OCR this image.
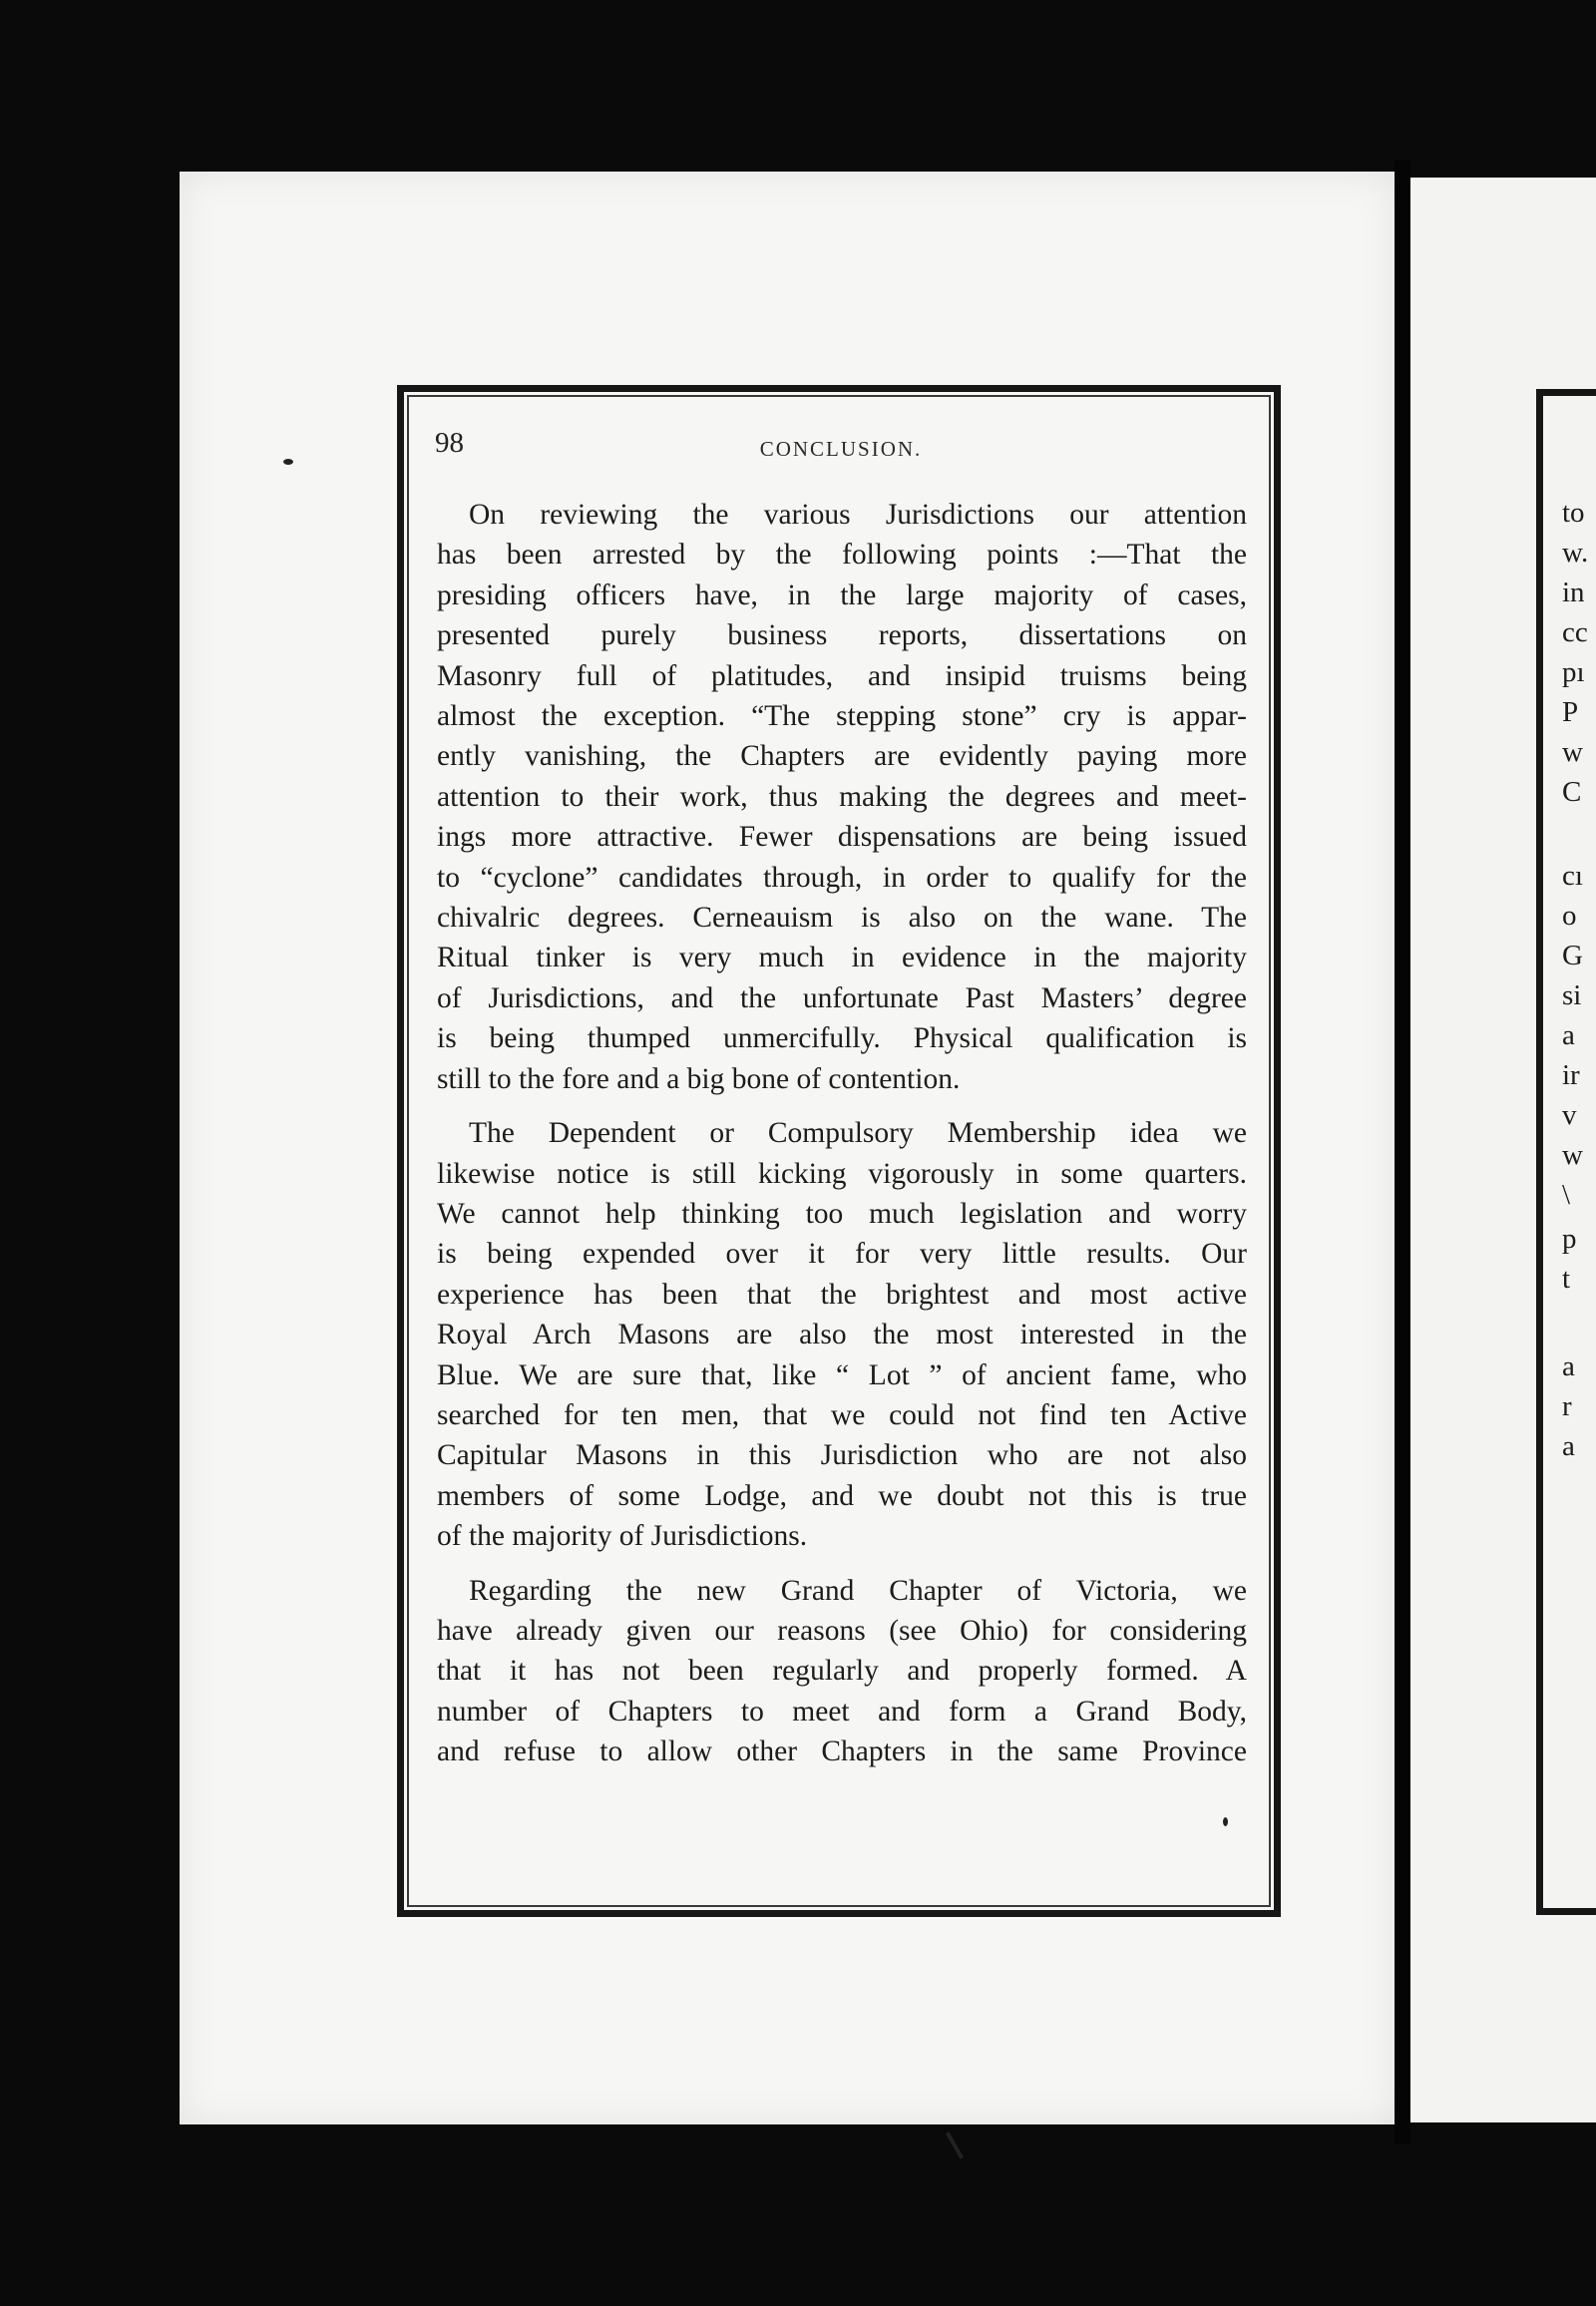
98	CONCLUSION.
On reviewing the various Jurisdictions our attention
has been arrested by the following points :—That the
presiding officers have, in the large majority of cases,
presented purely business reports, dissertations on
Masonry full of platitudes, and insipid truisms being
almost the exception. “The stepping stone” cry is appar-
ently vanishing, the Chapters are evidently paying more
attention to their work, thus making the degrees and meet-
ings more attractive. Fewer dispensations are being issued
to “cyclone” candidates through, in order to qualify for the
chivalric degrees. Cerneauism is also on the wane. The
Ritual tinker is very much in evidence in the majority
of Jurisdictions, and the unfortunate Past Masters’ degree
is being thumped unmercifully. Physical qualification is
still to the fore and a big bone of contention.
The Dependent or Compulsory Membership idea we
likewise notice is still kicking vigorously in some quarters.
We cannot help thinking too much legislation and worry
is being expended over it for very little results. Our
experience has been that the brightest and most active
Royal Arch Masons are also the most interested in the
Blue. We are sure that, like “ Lot ” of ancient fame, who
searched for ten men, that we could not find ten Active
Capitular Masons in this Jurisdiction who are not also
members of some Lodge, and we doubt not this is true
of the majority of Jurisdictions.
Regarding the new Grand Chapter of Victoria, we
have already given our reasons (see Ohio) for considering
that it has not been regularly and properly formed. A
number of Chapters to meet and form a Grand Body,
and refuse to allow other Chapters in the same Province
to
w.
in
cc
pı
P
w
C
cı
o
G
si
a
ir
v
w
\
p
t
a
r
a
